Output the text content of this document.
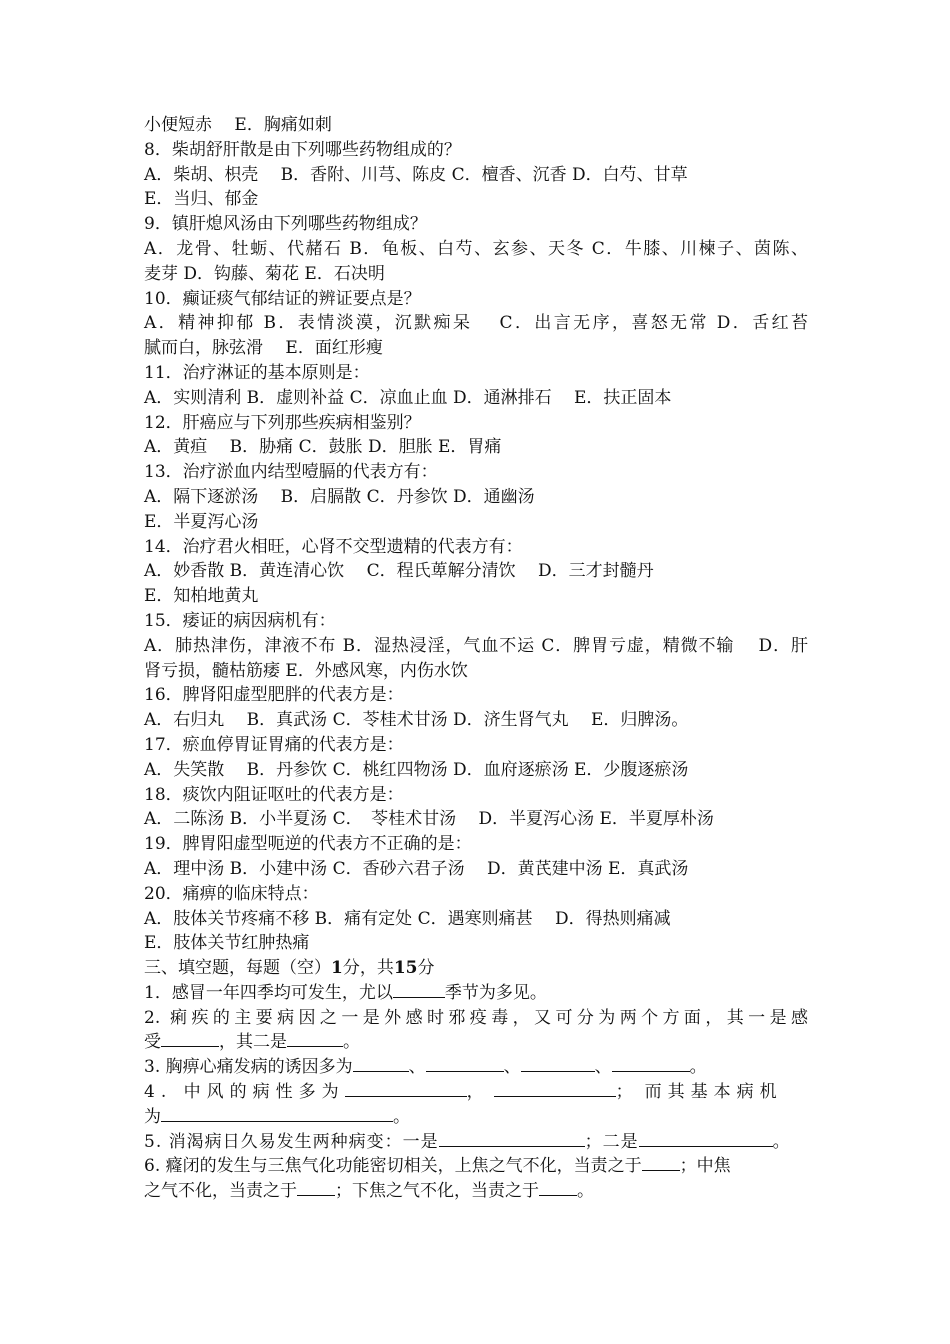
小便短赤　 E．胸痛如刺
8．柴胡舒肝散是由下列哪些药物组成的？
A．柴胡、枳壳　 B．香附、川芎、陈皮 C．檀香、沉香 D．白芍、甘草
E．当归、郁金
9．镇肝熄风汤由下列哪些药物组成？
A．龙骨、牡蛎、代赭石 B．龟板、白芍、玄参、天冬 C．牛膝、川楝子、茵陈、
麦芽 D．钩藤、菊花 E．石决明
10．癫证痰气郁结证的辨证要点是？
A．精神抑郁 B．表情淡漠，沉默痴呆　 C．出言无序，喜怒无常 D．舌红苔
腻而白，脉弦滑　 E．面红形瘦
11．治疗淋证的基本原则是：
A．实则清利 B．虚则补益 C．凉血止血 D．通淋排石　 E．扶正固本
12．肝癌应与下列那些疾病相鉴别？
A．黄疸　 B．胁痛 C．鼓胀 D．胆胀 E．胃痛
13．治疗淤血内结型噎膈的代表方有：
A．隔下逐淤汤　 B．启膈散 C．丹参饮 D．通幽汤
E．半夏泻心汤
14．治疗君火相旺，心肾不交型遗精的代表方有：
A．妙香散 B．黄连清心饮　 C．程氏萆解分清饮　 D．三才封髓丹
E．知柏地黄丸
15．痿证的病因病机有：
A．肺热津伤，津液不布 B．湿热浸淫，气血不运 C．脾胃亏虚，精微不输　 D．肝
肾亏损，髓枯筋痿 E．外感风寒，内伤水饮
16．脾肾阳虚型肥胖的代表方是：
A．右归丸　 B．真武汤 C．苓桂术甘汤 D．济生肾气丸　 E．归脾汤。
17．瘀血停胃证胃痛的代表方是：
A．失笑散　 B．丹参饮 C．桃红四物汤 D．血府逐瘀汤 E．少腹逐瘀汤
18．痰饮内阻证呕吐的代表方是：
A．二陈汤 B．小半夏汤 C．　苓桂术甘汤　 D．半夏泻心汤 E．半夏厚朴汤
19．脾胃阳虚型呃逆的代表方不正确的是：
A．理中汤 B．小建中汤 C．香砂六君子汤　 D．黄芪建中汤 E．真武汤
20．痛痹的临床特点：
A．肢体关节疼痛不移 B．痛有定处 C．遇寒则痛甚　 D．得热则痛减
E．肢体关节红肿热痛
三、填空题，每题（空）1分，共15分
1．感冒一年四季均可发生，尤以	季节为多见。
2. 痢疾的主要病因之一是外感时邪疫毒，又可分为两个方面，其一是感
受	，其二是	。
3. 胸痹心痛发病的诱因多为	、	、	、	。
4. 中风的病性多为	，	； 而其基本病机
为	。
5. 消渴病日久易发生两种病变：一是	；二是	。
6. 癃闭的发生与三焦气化功能密切相关，上焦之气不化，当责之于 ；中焦
之气不化，当责之于 ；下焦之气不化，当责之于 。
